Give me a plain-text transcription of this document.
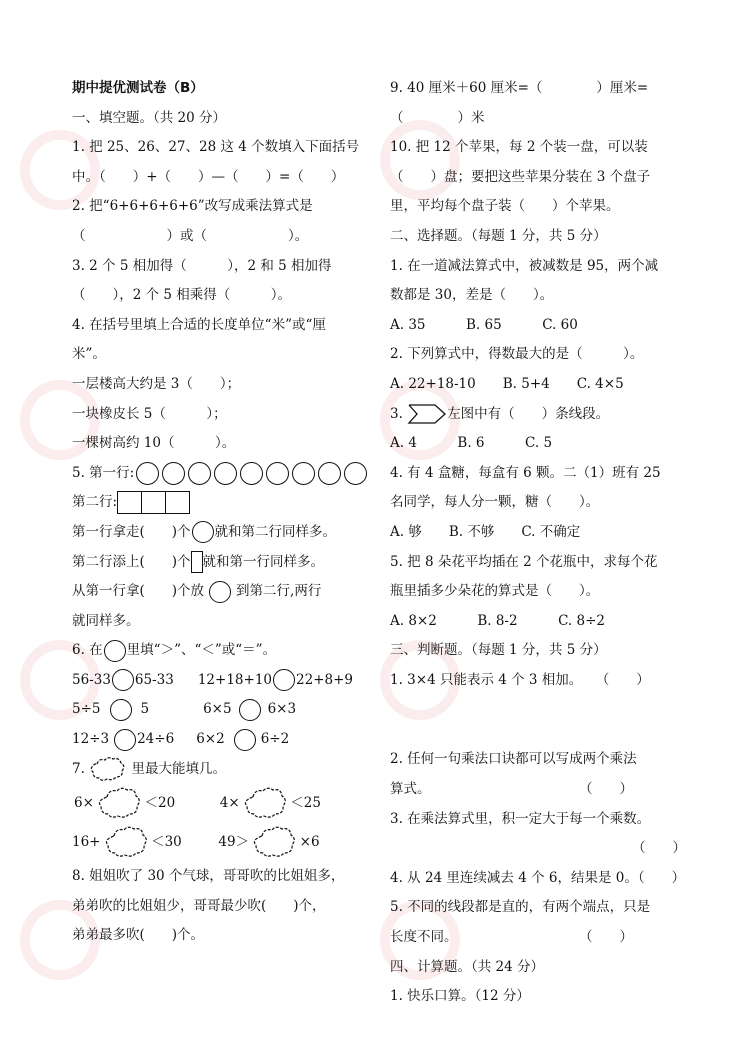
期中提优测试卷（B）
一、填空题。（共 20 分）
1. 把 25、26、27、28 这 4 个数填入下面括号
中。（　　）+（　　）—（　　）=（　　）
2. 把“6+6+6+6+6”改写成乘法算式是
（　　　　　　）或（　　　　　　）。
3. 2 个 5 相加得（　　　），2 和 5 相加得
（　　），2 个 5 相乘得（　　　）。
4. 在括号里填上合适的长度单位“米”或“厘
米”。
一层楼高大约是 3（　　）；
一块橡皮长 5（　　　）；
一棵树高约 10（　　　）。
5. 第一行:
第二行:
第一行拿走(　　)个 就和第二行同样多。
第二行添上(　　)个 就和第一行同样多。
从第一行拿(　　)个放 到第二行,两行
就同样多。
6. 在 里填“＞”、“＜”或“＝”。
56-33 65-33 12+18+10 22+8+9
5÷5	5	6×5	6×3
12÷3 24÷6 6×2	6÷2
7.	里最大能填几。
6×	＜20	4×	＜25
16+	＜30	49＞	×6
8. 姐姐吹了 30 个气球，哥哥吹的比姐姐多，
弟弟吹的比姐姐少，哥哥最少吹(　　)个，
弟弟最多吹(　　)个。
9. 40 厘米＋60 厘米=（　　　　）厘米=
（　　　　）米
10. 把 12 个苹果，每 2 个装一盘，可以装
（　　）盘；要把这些苹果分装在 3 个盘子
里，平均每个盘子装（　　）个苹果。
二、选择题。（每题 1 分，共 5 分）
1. 在一道减法算式中，被减数是 95，两个减
数都是 30，差是（　　）。
A. 35　　　B. 65　　　C. 60
2. 下列算式中，得数最大的是（　　　）。
A. 22+18-10　　B. 5+4　　C. 4×5
3.	左图中有（　　）条线段。
A. 4　　　B. 6　　　C. 5
4. 有 4 盒糖，每盒有 6 颗。二（1）班有 25
名同学，每人分一颗，糖（　　）。
A. 够　　B. 不够　　C. 不确定
5. 把 8 朵花平均插在 2 个花瓶中，求每个花
瓶里插多少朵花的算式是（　　）。
A. 8×2　　　B. 8-2　　　C. 8÷2
三、判断题。（每题 1 分，共 5 分）
1. 3×4 只能表示 4 个 3 相加。　　（　　）
2. 任何一句乘法口诀都可以写成两个乘法
算式。　　　　　　　　　　　　（　　）
3. 在乘法算式里，积一定大于每一个乘数。
（　　）
4. 从 24 里连续减去 4 个 6，结果是 0。（　　）
5. 不同的线段都是直的，有两个端点，只是
长度不同。　　　　　　　　　　（　　）
四、计算题。（共 24 分）
1. 快乐口算。（12 分）
